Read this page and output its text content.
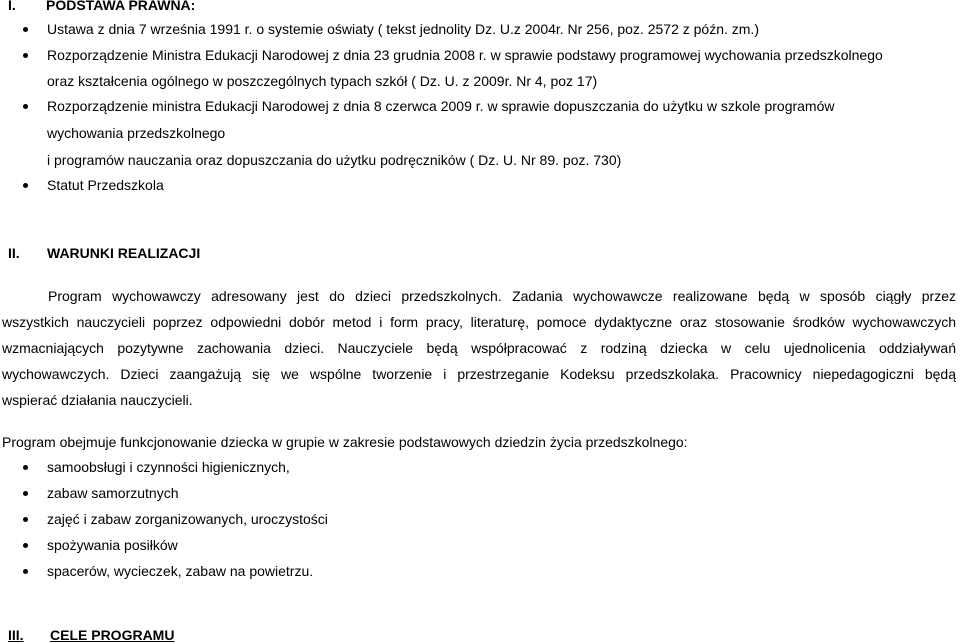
I. PODSTAWA PRAWNA:
Ustawa z dnia 7 września 1991 r. o systemie oświaty ( tekst jednolity Dz. U.z 2004r. Nr 256, poz. 2572 z późn. zm.)
Rozporządzenie Ministra Edukacji Narodowej z dnia 23 grudnia 2008 r. w sprawie podstawy programowej wychowania przedszkolnego
oraz kształcenia ogólnego w poszczególnych typach szkół ( Dz. U. z 2009r. Nr 4, poz 17)
Rozporządzenie ministra Edukacji Narodowej z dnia 8 czerwca 2009 r. w sprawie dopuszczania do użytku w szkole programów
wychowania przedszkolnego
i programów nauczania oraz dopuszczania do użytku podręczników ( Dz. U. Nr 89. poz. 730)
Statut Przedszkola
II. WARUNKI REALIZACJI
Program wychowawczy adresowany jest do dzieci przedszkolnych. Zadania wychowawcze realizowane będą w sposób ciągły przez
wszystkich nauczycieli poprzez odpowiedni dobór metod i form pracy, literaturę, pomoce dydaktyczne oraz stosowanie środków wychowawczych
wzmacniających pozytywne zachowania dzieci. Nauczyciele będą współpracować z rodziną dziecka w celu ujednolicenia oddziaływań
wychowawczych. Dzieci zaangażują się we wspólne tworzenie i przestrzeganie Kodeksu przedszkolaka. Pracownicy niepedagogiczni będą
wspierać działania nauczycieli.
Program obejmuje funkcjonowanie dziecka w grupie w zakresie podstawowych dziedzin życia przedszkolnego:
samoobsługi i czynności higienicznych,
zabaw samorzutnych
zajęć i zabaw zorganizowanych, uroczystości
spożywania posiłków
spacerów, wycieczek, zabaw na powietrzu.
III. CELE PROGRAMU
